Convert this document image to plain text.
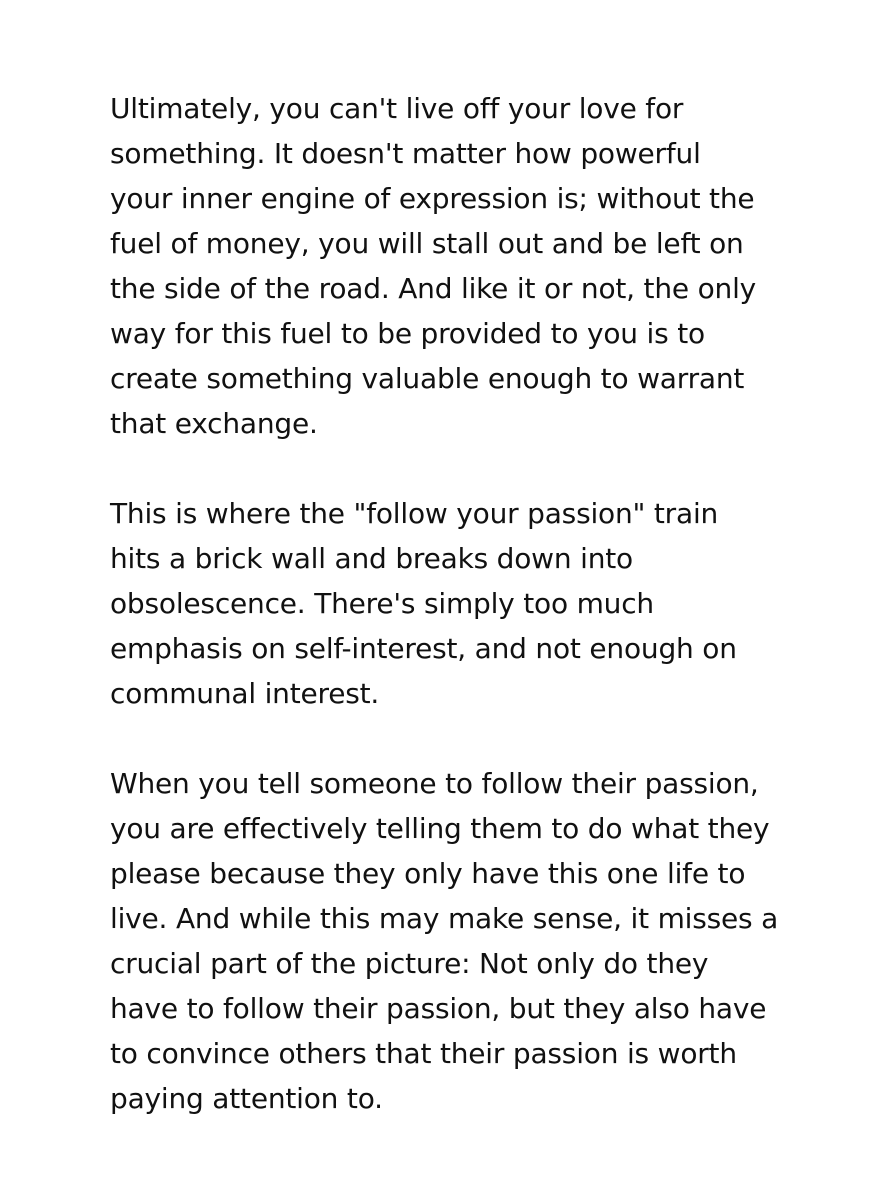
Ultimately, you can't live off your love for
something. It doesn't matter how powerful
your inner engine of expression is; without the
fuel of money, you will stall out and be left on
the side of the road. And like it or not, the only
way for this fuel to be provided to you is to
create something valuable enough to warrant
that exchange.

This is where the "follow your passion" train
hits a brick wall and breaks down into
obsolescence. There's simply too much
emphasis on self-interest, and not enough on
communal interest.

When you tell someone to follow their passion,
you are effectively telling them to do what they
please because they only have this one life to
live. And while this may make sense, it misses a
crucial part of the picture: Not only do they
have to follow their passion, but they also have
to convince others that their passion is worth
paying attention to.
